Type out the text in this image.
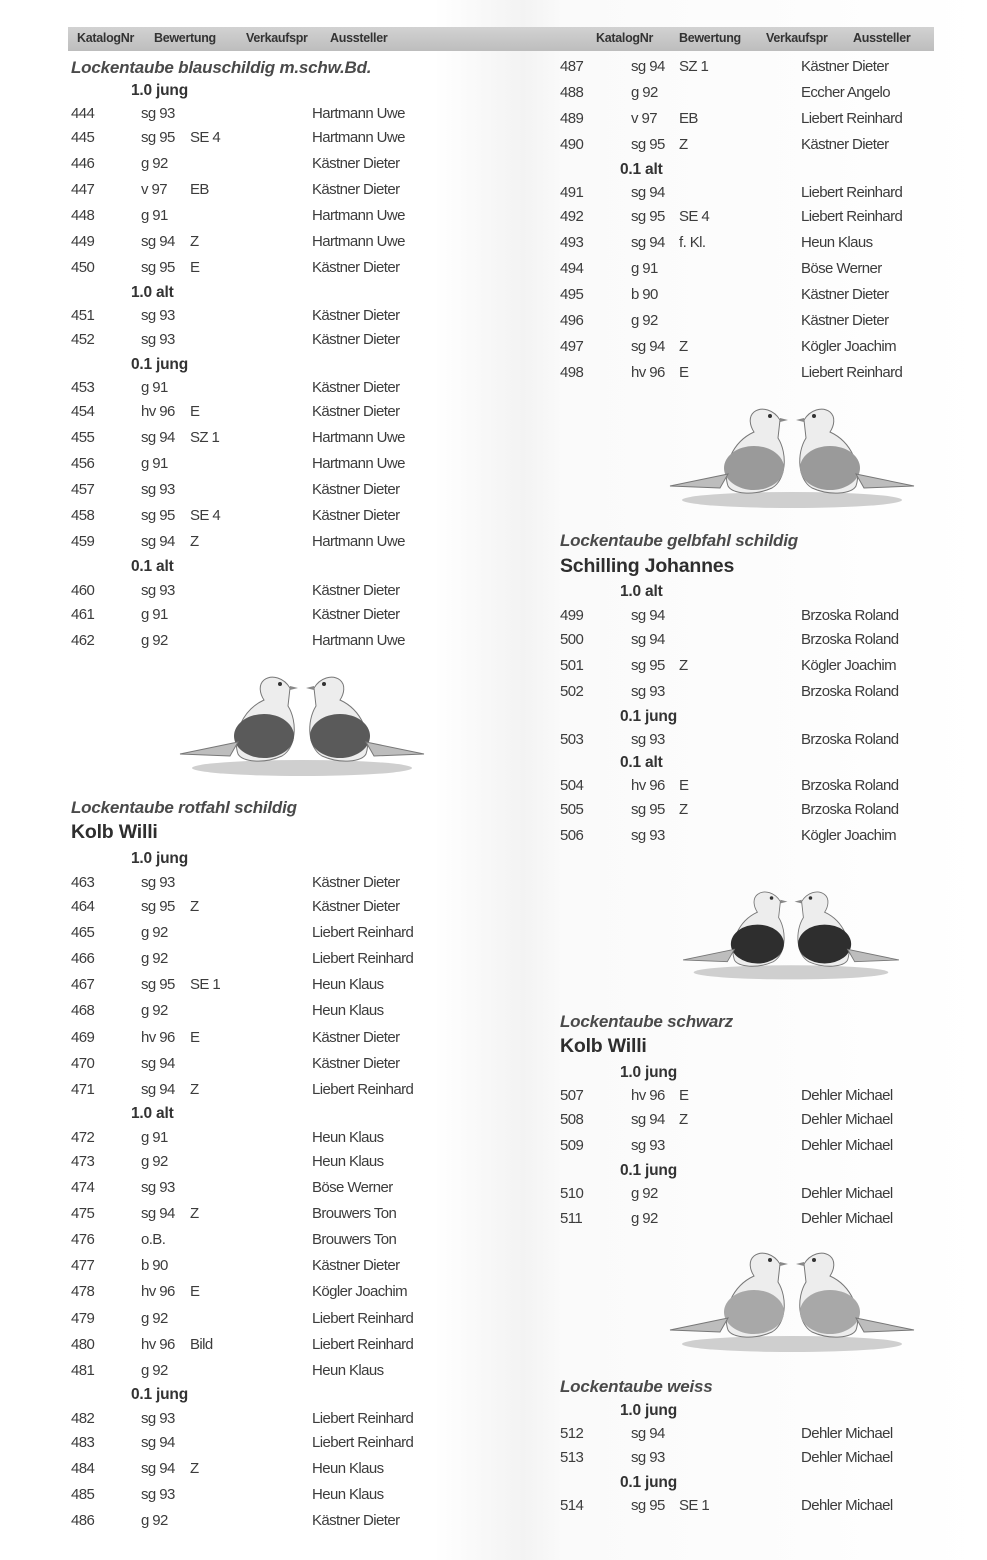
KatalogNr Bewertung Verkaufspr Aussteller	KatalogNr Bewertung Verkaufspr Aussteller
Lockentaube blauschildig m.schw.Bd.
1.0 jung
444	sg 93	Hartmann Uwe
445	sg 95 SE 4	Hartmann Uwe
446	g 92	Kästner Dieter
447	v 97 EB	Kästner Dieter
448	g 91	Hartmann Uwe
449	sg 94 Z	Hartmann Uwe
450	sg 95 E	Kästner Dieter
1.0 alt
451	sg 93	Kästner Dieter
452	sg 93	Kästner Dieter
0.1 jung
453	g 91	Kästner Dieter
454	hv 96 E	Kästner Dieter
455	sg 94 SZ 1	Hartmann Uwe
456	g 91	Hartmann Uwe
457	sg 93	Kästner Dieter
458	sg 95 SE 4	Kästner Dieter
459	sg 94 Z	Hartmann Uwe
0.1 alt
460	sg 93	Kästner Dieter
461	g 91	Kästner Dieter
462	g 92	Hartmann Uwe
Lockentaube rotfahl schildig
Kolb Willi
1.0 jung
463	sg 93	Kästner Dieter
464	sg 95 Z	Kästner Dieter
465	g 92	Liebert Reinhard
466	g 92	Liebert Reinhard
467	sg 95 SE 1	Heun Klaus
468	g 92	Heun Klaus
469	hv 96 E	Kästner Dieter
470	sg 94	Kästner Dieter
471	sg 94 Z	Liebert Reinhard
1.0 alt
472	g 91	Heun Klaus
473	g 92	Heun Klaus
474	sg 93	Böse Werner
475	sg 94 Z	Brouwers Ton
476	o.B.	Brouwers Ton
477	b 90	Kästner Dieter
478	hv 96 E	Kögler Joachim
479	g 92	Liebert Reinhard
480	hv 96 Bild	Liebert Reinhard
481	g 92	Heun Klaus
0.1 jung
482	sg 93	Liebert Reinhard
483	sg 94	Liebert Reinhard
484	sg 94 Z	Heun Klaus
485	sg 93	Heun Klaus
486	g 92	Kästner Dieter
487	sg 94 SZ 1	Kästner Dieter
488	g 92	Eccher Angelo
489	v 97 EB	Liebert Reinhard
490	sg 95 Z	Kästner Dieter
0.1 alt
491	sg 94	Liebert Reinhard
492	sg 95 SE 4	Liebert Reinhard
493	sg 94 f. Kl.	Heun Klaus
494	g 91	Böse Werner
495	b 90	Kästner Dieter
496	g 92	Kästner Dieter
497	sg 94 Z	Kögler Joachim
498	hv 96 E	Liebert Reinhard
Lockentaube gelbfahl schildig
Schilling Johannes
1.0 alt
499	sg 94	Brzoska Roland
500	sg 94	Brzoska Roland
501	sg 95 Z	Kögler Joachim
502	sg 93	Brzoska Roland
0.1 jung
503	sg 93	Brzoska Roland
0.1 alt
504	hv 96 E	Brzoska Roland
505	sg 95 Z	Brzoska Roland
506	sg 93	Kögler Joachim
Lockentaube schwarz
Kolb Willi
1.0 jung
507	hv 96 E	Dehler Michael
508	sg 94 Z	Dehler Michael
509	sg 93	Dehler Michael
0.1 jung
510	g 92	Dehler Michael
511	g 92	Dehler Michael
Lockentaube weiss
1.0 jung
512	sg 94	Dehler Michael
513	sg 93	Dehler Michael
0.1 jung
514	sg 95 SE 1	Dehler Michael
